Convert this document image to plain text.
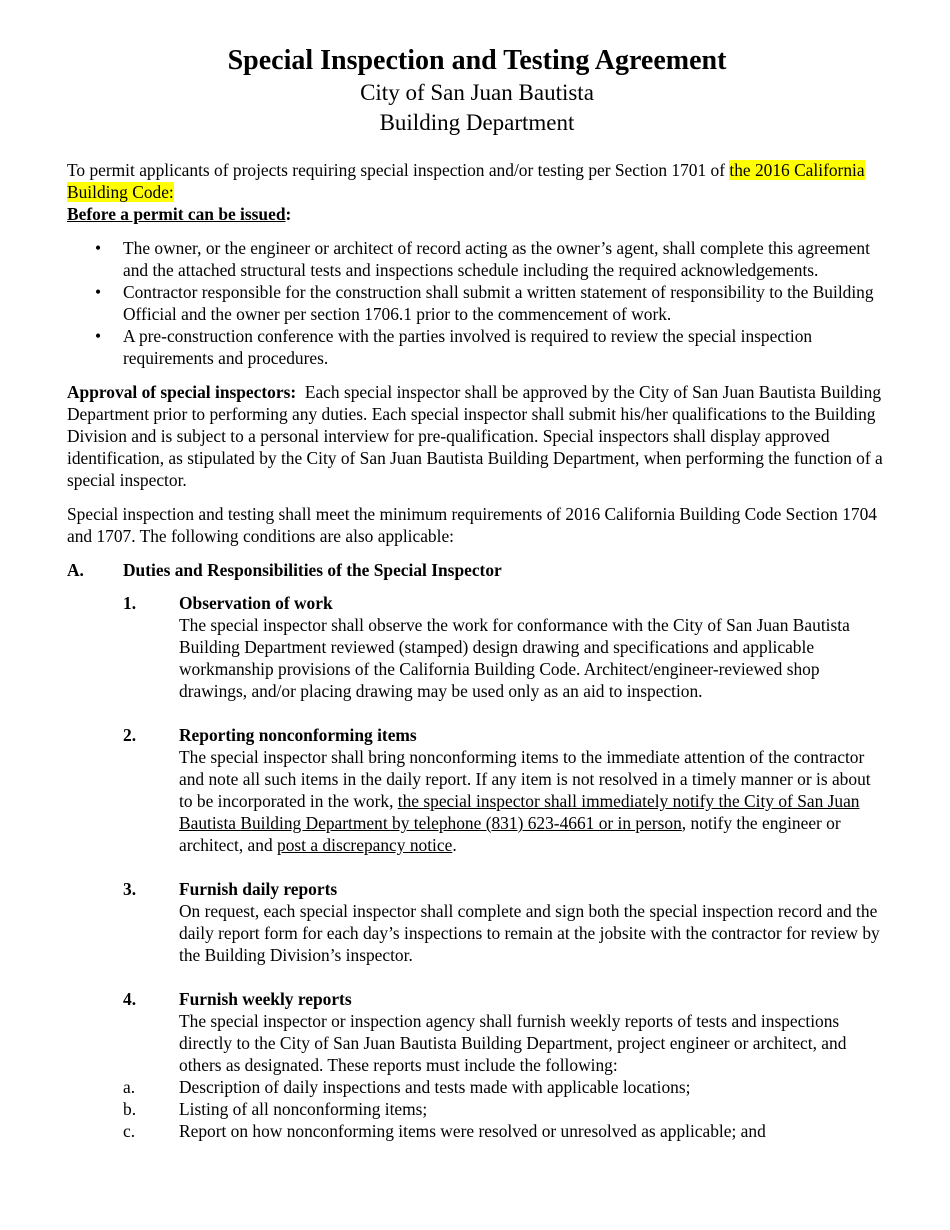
Special Inspection and Testing Agreement

City of San Juan Bautista

Building Department

To permit applicants of projects requiring special inspection and/or testing per Section 1701 of the 2016 California Building Code:

Before a permit can be issued:

• The owner, or the engineer or architect of record acting as the owner’s agent, shall complete this agreement and the attached structural tests and inspections schedule including the required acknowledgements.
• Contractor responsible for the construction shall submit a written statement of responsibility to the Building Official and the owner per section 1706.1 prior to the commencement of work.
• A pre-construction conference with the parties involved is required to review the special inspection requirements and procedures.

Approval of special inspectors: Each special inspector shall be approved by the City of San Juan Bautista Building Department prior to performing any duties. Each special inspector shall submit his/her qualifications to the Building Division and is subject to a personal interview for pre-qualification. Special inspectors shall display approved identification, as stipulated by the City of San Juan Bautista Building Department, when performing the function of a special inspector.

Special inspection and testing shall meet the minimum requirements of 2016 California Building Code Section 1704 and 1707. The following conditions are also applicable:

A. Duties and Responsibilities of the Special Inspector
1. Observation of work

The special inspector shall observe the work for conformance with the City of San Juan Bautista Building Department reviewed (stamped) design drawing and specifications and applicable workmanship provisions of the California Building Code. Architect/engineer-reviewed shop drawings, and/or placing drawing may be used only as an aid to inspection.

2. Reporting nonconforming items

The special inspector shall bring nonconforming items to the immediate attention of the contractor and note all such items in the daily report. If any item is not resolved in a timely manner or is about to be incorporated in the work, the special inspector shall immediately notify the City of San Juan Bautista Building Department by telephone (831) 623-4661 or in person, notify the engineer or architect, and post a discrepancy notice.

3. Furnish daily reports

On request, each special inspector shall complete and sign both the special inspection record and the daily report form for each day’s inspections to remain at the jobsite with the contractor for review by the Building Division’s inspector.

4. Furnish weekly reports

The special inspector or inspection agency shall furnish weekly reports of tests and inspections directly to the City of San Juan Bautista Building Department, project engineer or architect, and others as designated. These reports must include the following:

a.	Description of daily inspections and tests made with applicable locations;
b. Listing of all nonconforming items;
c.	Report on how nonconforming items were resolved or unresolved as applicable; and
